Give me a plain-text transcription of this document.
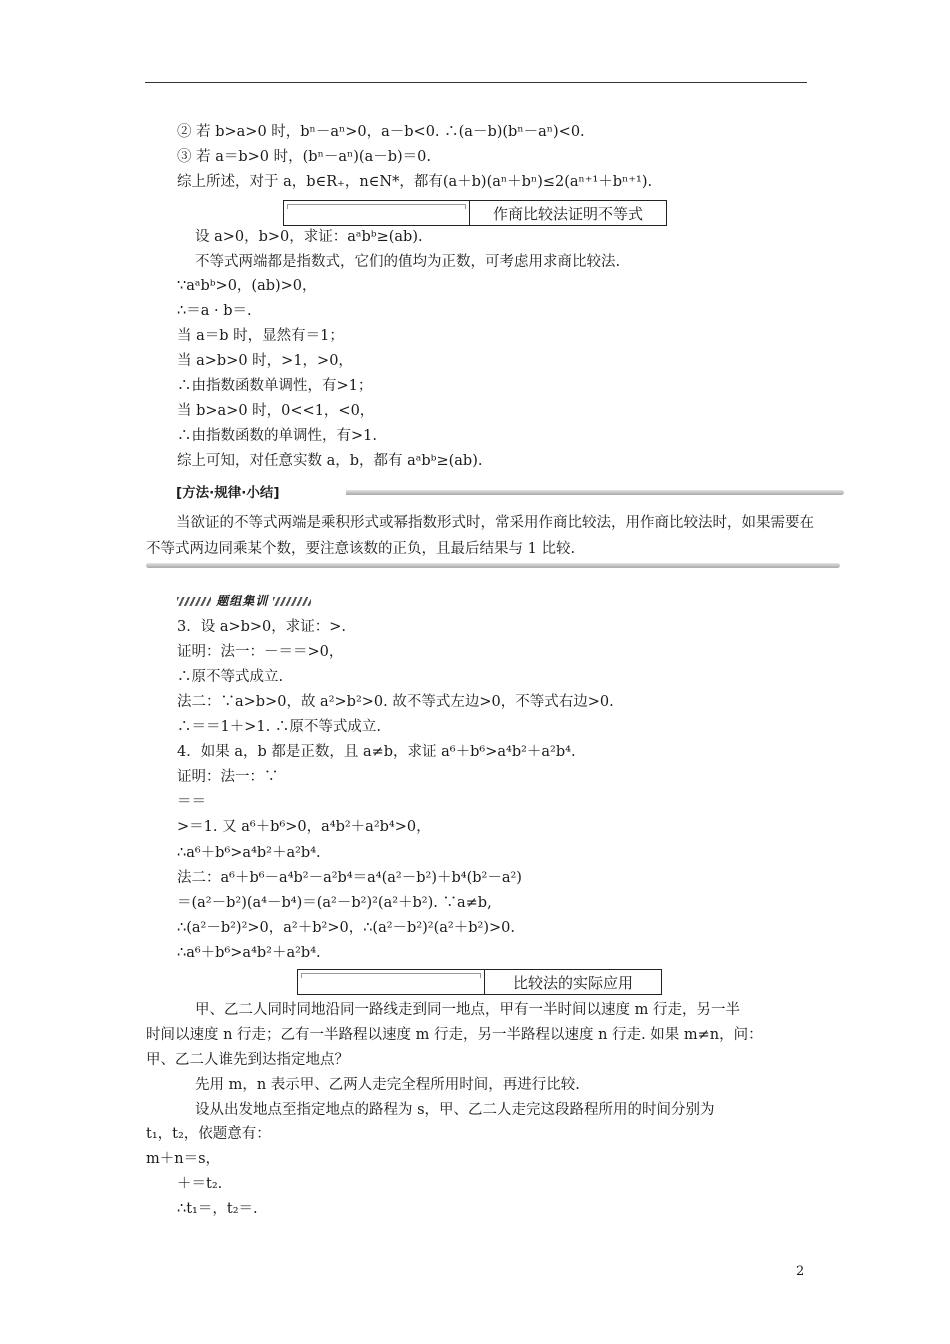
② 若 b>a>0 时，bⁿ－aⁿ>0，a－b<0. ∴(a－b)(bⁿ－aⁿ)<0.
③ 若 a＝b>0 时，(bⁿ－aⁿ)(a－b)＝0.
综上所述，对于 a，b∈R₊，n∈N*，都有(a＋b)(aⁿ＋bⁿ)≤2(aⁿ⁺¹＋bⁿ⁺¹).
作商比较法证明不等式
设 a>0，b>0，求证：aᵃbᵇ≥(ab).
不等式两端都是指数式，它们的值均为正数，可考虑用求商比较法.
∵aᵃbᵇ>0，(ab)>0，
∴＝a · b＝.
当 a＝b 时，显然有＝1；
当 a>b>0 时，>1，>0，
∴由指数函数单调性，有>1；
当 b>a>0 时，0<<1，<0，
∴由指数函数的单调性，有>1.
综上可知，对任意实数 a，b，都有 aᵃbᵇ≥(ab).
[方法·规律·小结]
当欲证的不等式两端是乘积形式或幂指数形式时，常采用作商比较法，用作商比较法时，如果需要在不等式两边同乘某个数，要注意该数的正负，且最后结果与 1 比较.
题组集训
3．设 a>b>0，求证：>.
证明：法一：－＝＝>0，
∴原不等式成立.
法二：∵a>b>0，故 a²>b²>0. 故不等式左边>0，不等式右边>0.
∴＝＝1＋>1. ∴原不等式成立.
4．如果 a，b 都是正数，且 a≠b，求证 a⁶＋b⁶>a⁴b²＋a²b⁴.
证明：法一：∵
＝＝
>＝1. 又 a⁶＋b⁶>0，a⁴b²＋a²b⁴>0，
∴a⁶＋b⁶>a⁴b²＋a²b⁴.
法二：a⁶＋b⁶－a⁴b²－a²b⁴＝a⁴(a²－b²)＋b⁴(b²－a²)
＝(a²－b²)(a⁴－b⁴)＝(a²－b²)²(a²＋b²). ∵a≠b,
∴(a²－b²)²>0，a²＋b²>0，∴(a²－b²)²(a²＋b²)>0.
∴a⁶＋b⁶>a⁴b²＋a²b⁴.
比较法的实际应用
甲、乙二人同时同地沿同一路线走到同一地点，甲有一半时间以速度 m 行走，另一半
时间以速度 n 行走；乙有一半路程以速度 m 行走，另一半路程以速度 n 行走. 如果 m≠n，问：
甲、乙二人谁先到达指定地点？
先用 m，n 表示甲、乙两人走完全程所用时间，再进行比较.
设从出发地点至指定地点的路程为 s，甲、乙二人走完这段路程所用的时间分别为
t₁，t₂，依题意有：
m＋n＝s，
＋＝t₂.
∴t₁＝，t₂＝.
2
